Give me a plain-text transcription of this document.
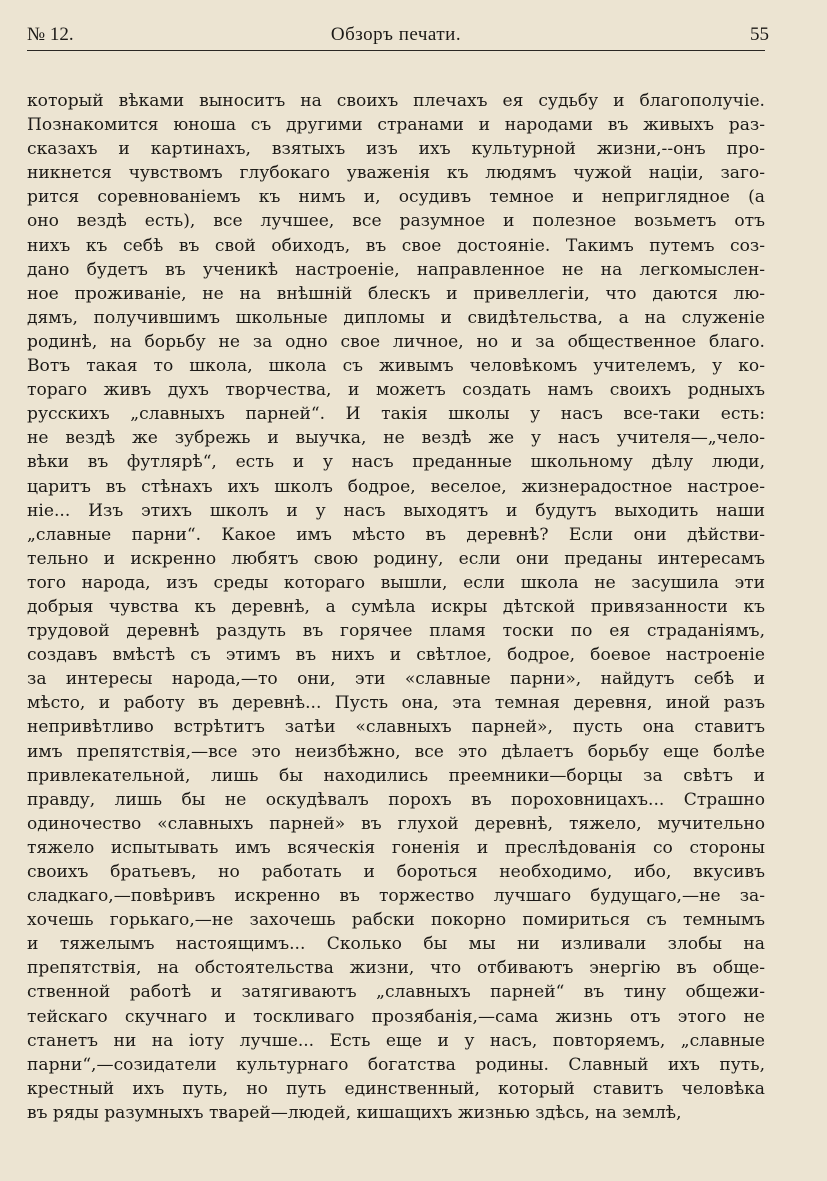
№ 12.	Обзоръ печати.	55
который вѣками выноситъ на своихъ плечахъ ея судьбу и благополучіе.
Познакомится юноша съ другими странами и народами въ живыхъ раз-
сказахъ и картинахъ, взятыхъ изъ ихъ культурной жизни,--онъ про-
никнется чувствомъ глубокаго уваженія къ людямъ чужой націи, заго-
рится соревнованіемъ къ нимъ и, осудивъ темное и неприглядное (а
оно вездѣ есть), все лучшее, все разумное и полезное возьметъ отъ
нихъ къ себѣ въ свой обиходъ, въ свое достояніе. Такимъ путемъ соз-
дано будетъ въ ученикѣ настроеніе, направленное не на легкомыслен-
ное проживаніе, не на внѣшній блескъ и привеллегіи, что даются лю-
дямъ, получившимъ школьные дипломы и свидѣтельства, а на служеніе
родинѣ, на борьбу не за одно свое личное, но и за общественное благо.
Вотъ такая то школа, школа съ живымъ человѣкомъ учителемъ, у ко-
тораго живъ духъ творчества, и можетъ создать намъ своихъ родныхъ
русскихъ „славныхъ парней“. И такія школы у насъ все-таки есть:
не вездѣ же зубрежь и выучка, не вездѣ же у насъ учителя—„чело-
вѣки въ футлярѣ“, есть и у насъ преданные школьному дѣлу люди,
царитъ въ стѣнахъ ихъ школъ бодрое, веселое, жизнерадостное настрое-
ніе... Изъ этихъ школъ и у насъ выходятъ и будутъ выходить наши
„славные парни“. Какое имъ мѣсто въ деревнѣ? Если они дѣйстви-
тельно и искренно любятъ свою родину, если они преданы интересамъ
того народа, изъ среды котораго вышли, если школа не засушила эти
добрыя чувства къ деревнѣ, а сумѣла искры дѣтской привязанности къ
трудовой деревнѣ раздуть въ горячее пламя тоски по ея страданіямъ,
создавъ вмѣстѣ съ этимъ въ нихъ и свѣтлое, бодрое, боевое настроеніе
за интересы народа,—то они, эти «славные парни», найдутъ себѣ и
мѣсто, и работу въ деревнѣ... Пусть она, эта темная деревня, иной разъ
непривѣтливо встрѣтитъ затѣи «славныхъ парней», пусть она ставитъ
имъ препятствія,—все это неизбѣжно, все это дѣлаетъ борьбу еще болѣе
привлекательной, лишь бы находились преемники—борцы за свѣтъ и
правду, лишь бы не оскудѣвалъ порохъ въ пороховницахъ... Страшно
одиночество «славныхъ парней» въ глухой деревнѣ, тяжело, мучительно
тяжело испытывать имъ всяческія гоненія и преслѣдованія со стороны
своихъ братьевъ, но работать и бороться необходимо, ибо, вкусивъ
сладкаго,—повѣривъ искренно въ торжество лучшаго будущаго,—не за-
хочешь горькаго,—не захочешь рабски покорно помириться съ темнымъ
и тяжелымъ настоящимъ... Сколько бы мы ни изливали злобы на
препятствія, на обстоятельства жизни, что отбиваютъ энергію въ обще-
ственной работѣ и затягиваютъ „славныхъ парней“ въ тину общежи-
тейскаго скучнаго и тоскливаго прозябанія,—сама жизнь отъ этого не
станетъ ни на іоту лучше... Есть еще и у насъ, повторяемъ, „славные
парни“,—созидатели культурнаго богатства родины. Славный ихъ путь,
крестный ихъ путь, но путь единственный, который ставитъ человѣка
въ ряды разумныхъ тварей—людей, кишащихъ жизнью здѣсь, на землѣ,
